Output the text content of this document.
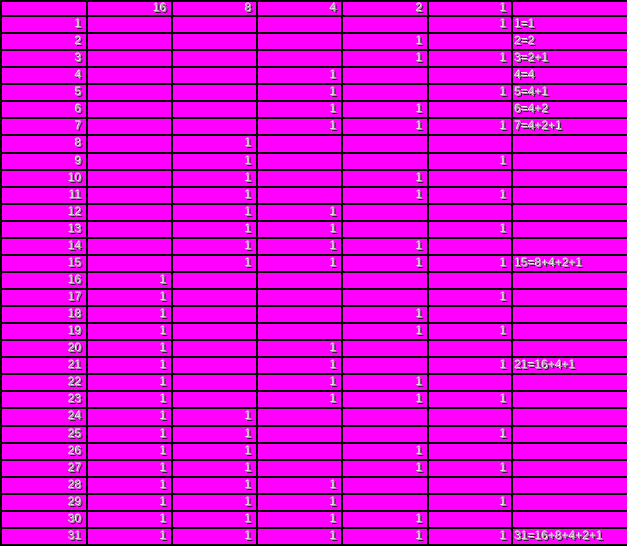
	16	8	4	2	1	
1					1	1=1
2				1		2=2
3				1	1	3=2+1
4			1			4=4
5			1		1	5=4+1
6			1	1		6=4+2
7			1	1	1	7=4+2+1
8		1				
9		1			1	
10		1		1		
11		1		1	1	
12		1	1			
13		1	1		1	
14		1	1	1		
15		1	1	1	1	15=8+4+2+1
16	1					
17	1				1	
18	1			1		
19	1			1	1	
20	1		1			
21	1		1		1	21=16+4+1
22	1		1	1		
23	1		1	1	1	
24	1	1				
25	1	1			1	
26	1	1		1		
27	1	1		1	1	
28	1	1	1			
29	1	1	1		1	
30	1	1	1	1		
31	1	1	1	1	1	31=16+8+4+2+1
